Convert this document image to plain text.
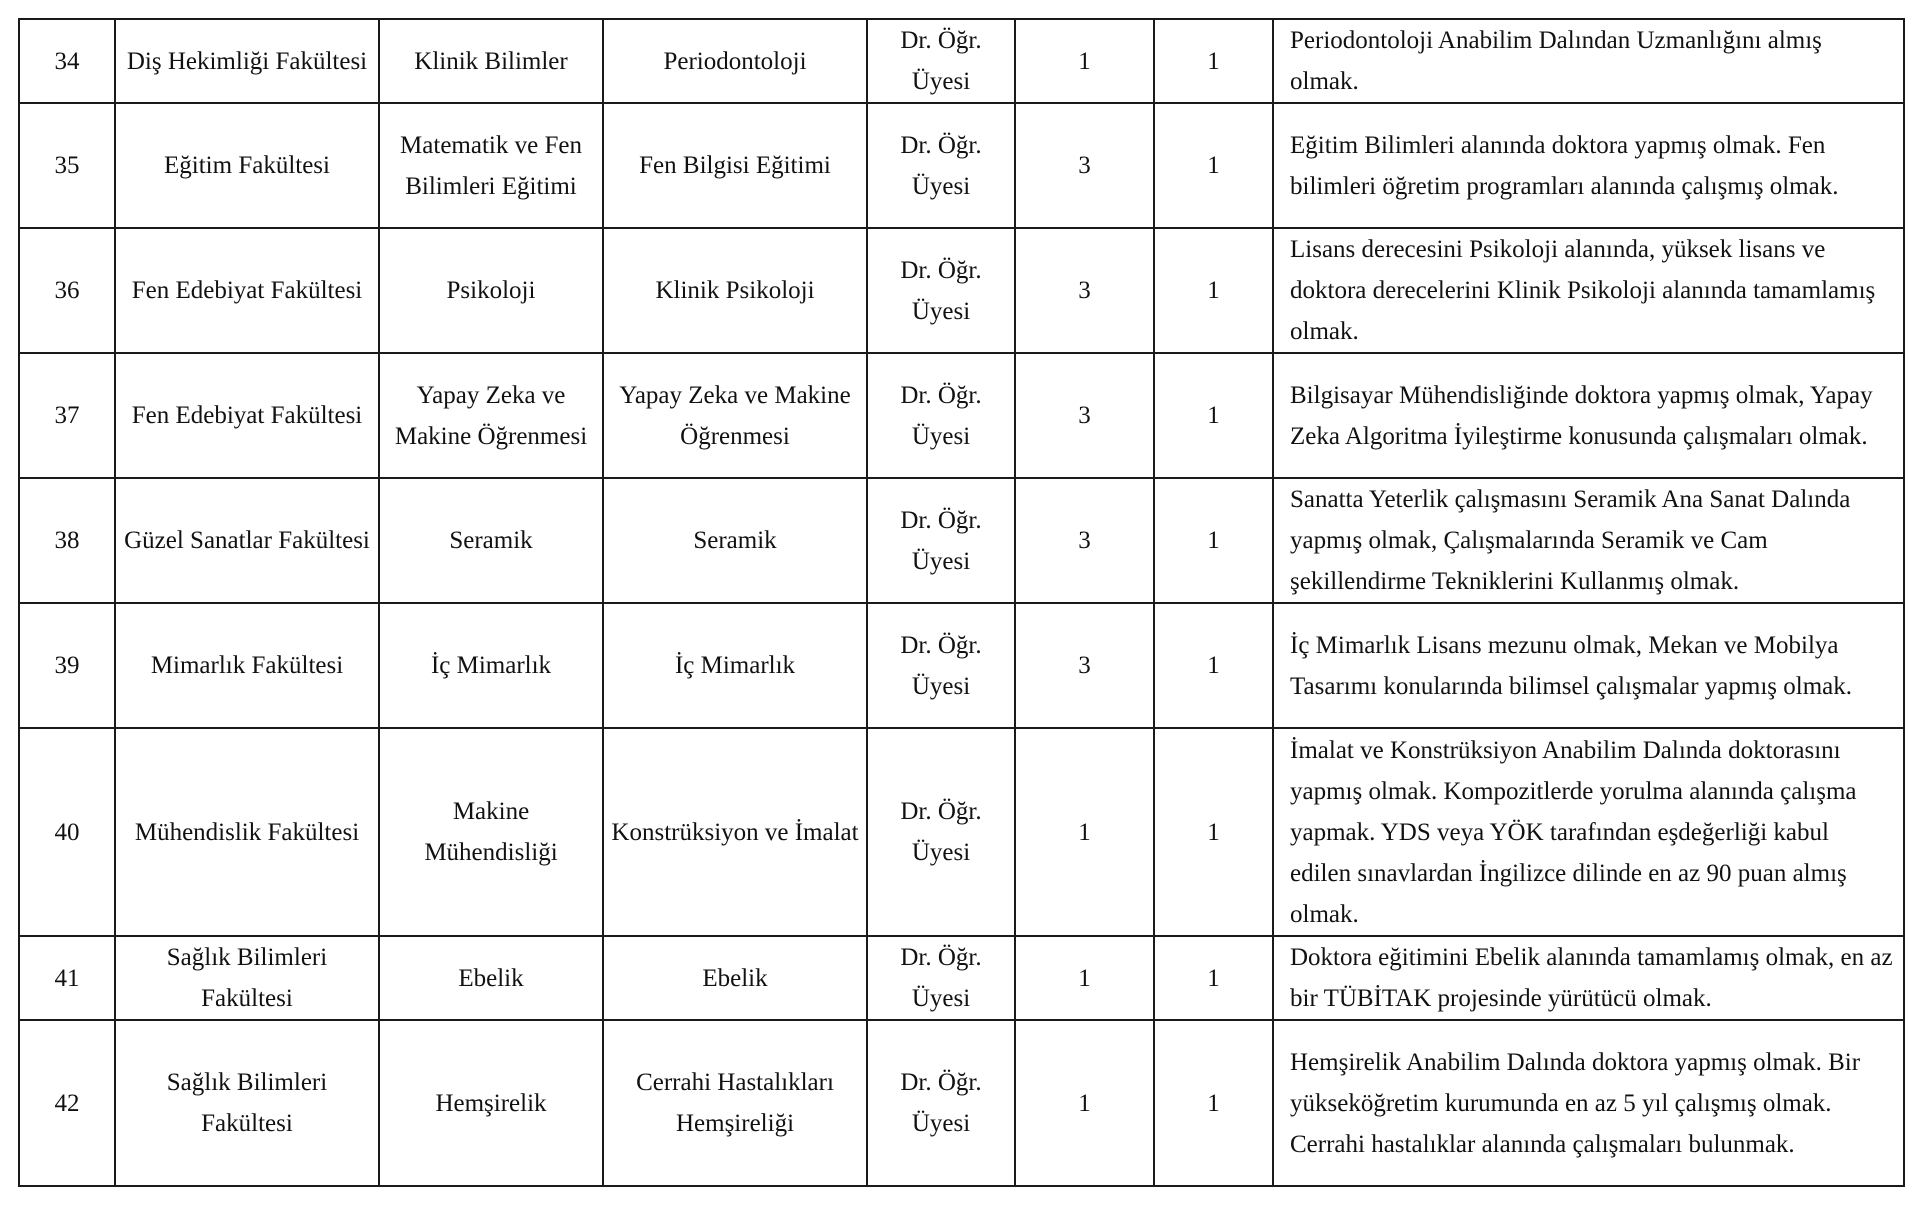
34	Diş Hekimliği Fakültesi	Klinik Bilimler	Periodontoloji	Dr. Öğr. Üyesi	1	1	Periodontoloji Anabilim Dalından Uzmanlığını almış olmak.
35	Eğitim Fakültesi	Matematik ve Fen Bilimleri Eğitimi	Fen Bilgisi Eğitimi	Dr. Öğr. Üyesi	3	1	Eğitim Bilimleri alanında doktora yapmış olmak. Fen bilimleri öğretim programları alanında çalışmış olmak.
36	Fen Edebiyat Fakültesi	Psikoloji	Klinik Psikoloji	Dr. Öğr. Üyesi	3	1	Lisans derecesini Psikoloji alanında, yüksek lisans ve doktora derecelerini Klinik Psikoloji alanında tamamlamış olmak.
37	Fen Edebiyat Fakültesi	Yapay Zeka ve Makine Öğrenmesi	Yapay Zeka ve Makine Öğrenmesi	Dr. Öğr. Üyesi	3	1	Bilgisayar Mühendisliğinde doktora yapmış olmak, Yapay Zeka Algoritma İyileştirme konusunda çalışmaları olmak.
38	Güzel Sanatlar Fakültesi	Seramik	Seramik	Dr. Öğr. Üyesi	3	1	Sanatta Yeterlik çalışmasını Seramik Ana Sanat Dalında yapmış olmak, Çalışmalarında Seramik ve Cam şekillendirme Tekniklerini Kullanmış olmak.
39	Mimarlık Fakültesi	İç Mimarlık	İç Mimarlık	Dr. Öğr. Üyesi	3	1	İç Mimarlık Lisans mezunu olmak, Mekan ve Mobilya Tasarımı konularında bilimsel çalışmalar yapmış olmak.
40	Mühendislik Fakültesi	Makine Mühendisliği	Konstrüksiyon ve İmalat	Dr. Öğr. Üyesi	1	1	İmalat ve Konstrüksiyon Anabilim Dalında doktorasını yapmış olmak. Kompozitlerde yorulma alanında çalışma yapmak. YDS veya YÖK tarafından eşdeğerliği kabul edilen sınavlardan İngilizce dilinde en az 90 puan almış olmak.
41	Sağlık Bilimleri Fakültesi	Ebelik	Ebelik	Dr. Öğr. Üyesi	1	1	Doktora eğitimini Ebelik alanında tamamlamış olmak, en az bir TÜBİTAK projesinde yürütücü olmak.
42	Sağlık Bilimleri Fakültesi	Hemşirelik	Cerrahi Hastalıkları Hemşireliği	Dr. Öğr. Üyesi	1	1	Hemşirelik Anabilim Dalında doktora yapmış olmak. Bir yükseköğretim kurumunda en az 5 yıl çalışmış olmak. Cerrahi hastalıklar alanında çalışmaları bulunmak.
